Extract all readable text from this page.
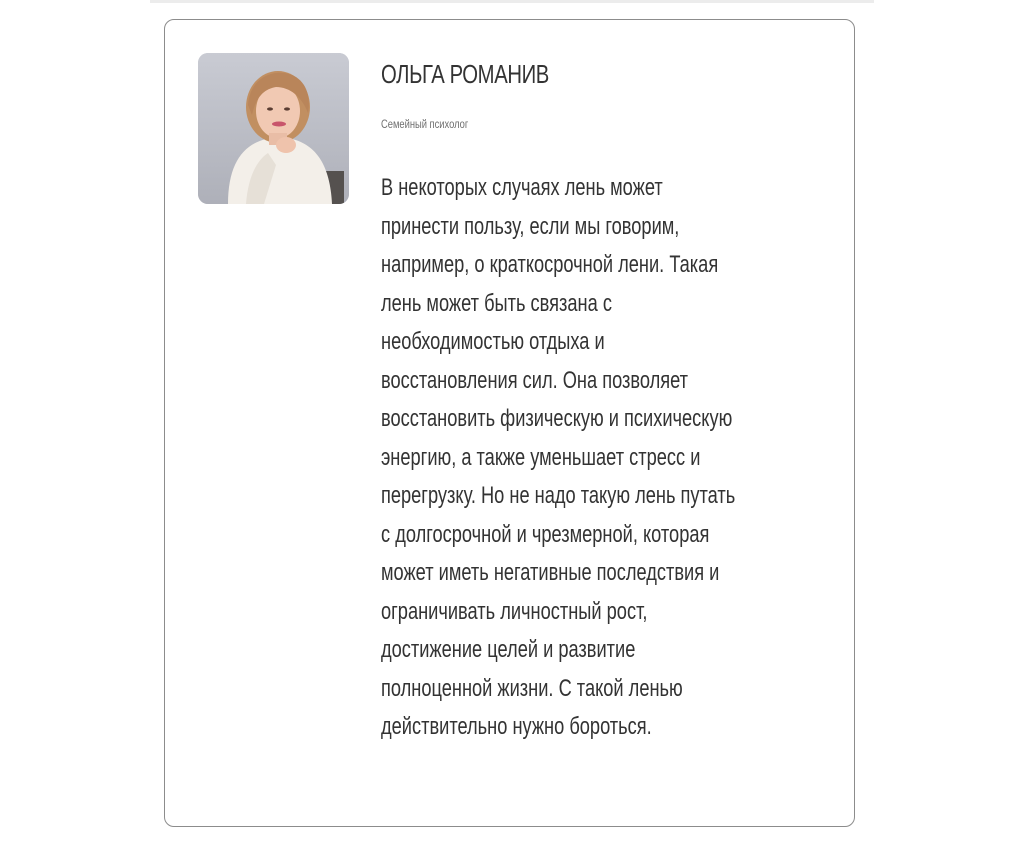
ОЛЬГА РОМАНИВ

Семейный психолог

В некоторых случаях лень может
принести пользу, если мы говорим,
например, о краткосрочной лени. Такая
лень может быть связана с
необходимостью отдыха и
восстановления сил. Она позволяет
восстановить физическую и психическую
энергию, а также уменьшает стресс и
перегрузку. Но не надо такую лень путать
с долгосрочной и чрезмерной, которая
может иметь негативные последствия и
ограничивать личностный рост,
достижение целей и развитие
полноценной жизни. С такой ленью
действительно нужно бороться.
